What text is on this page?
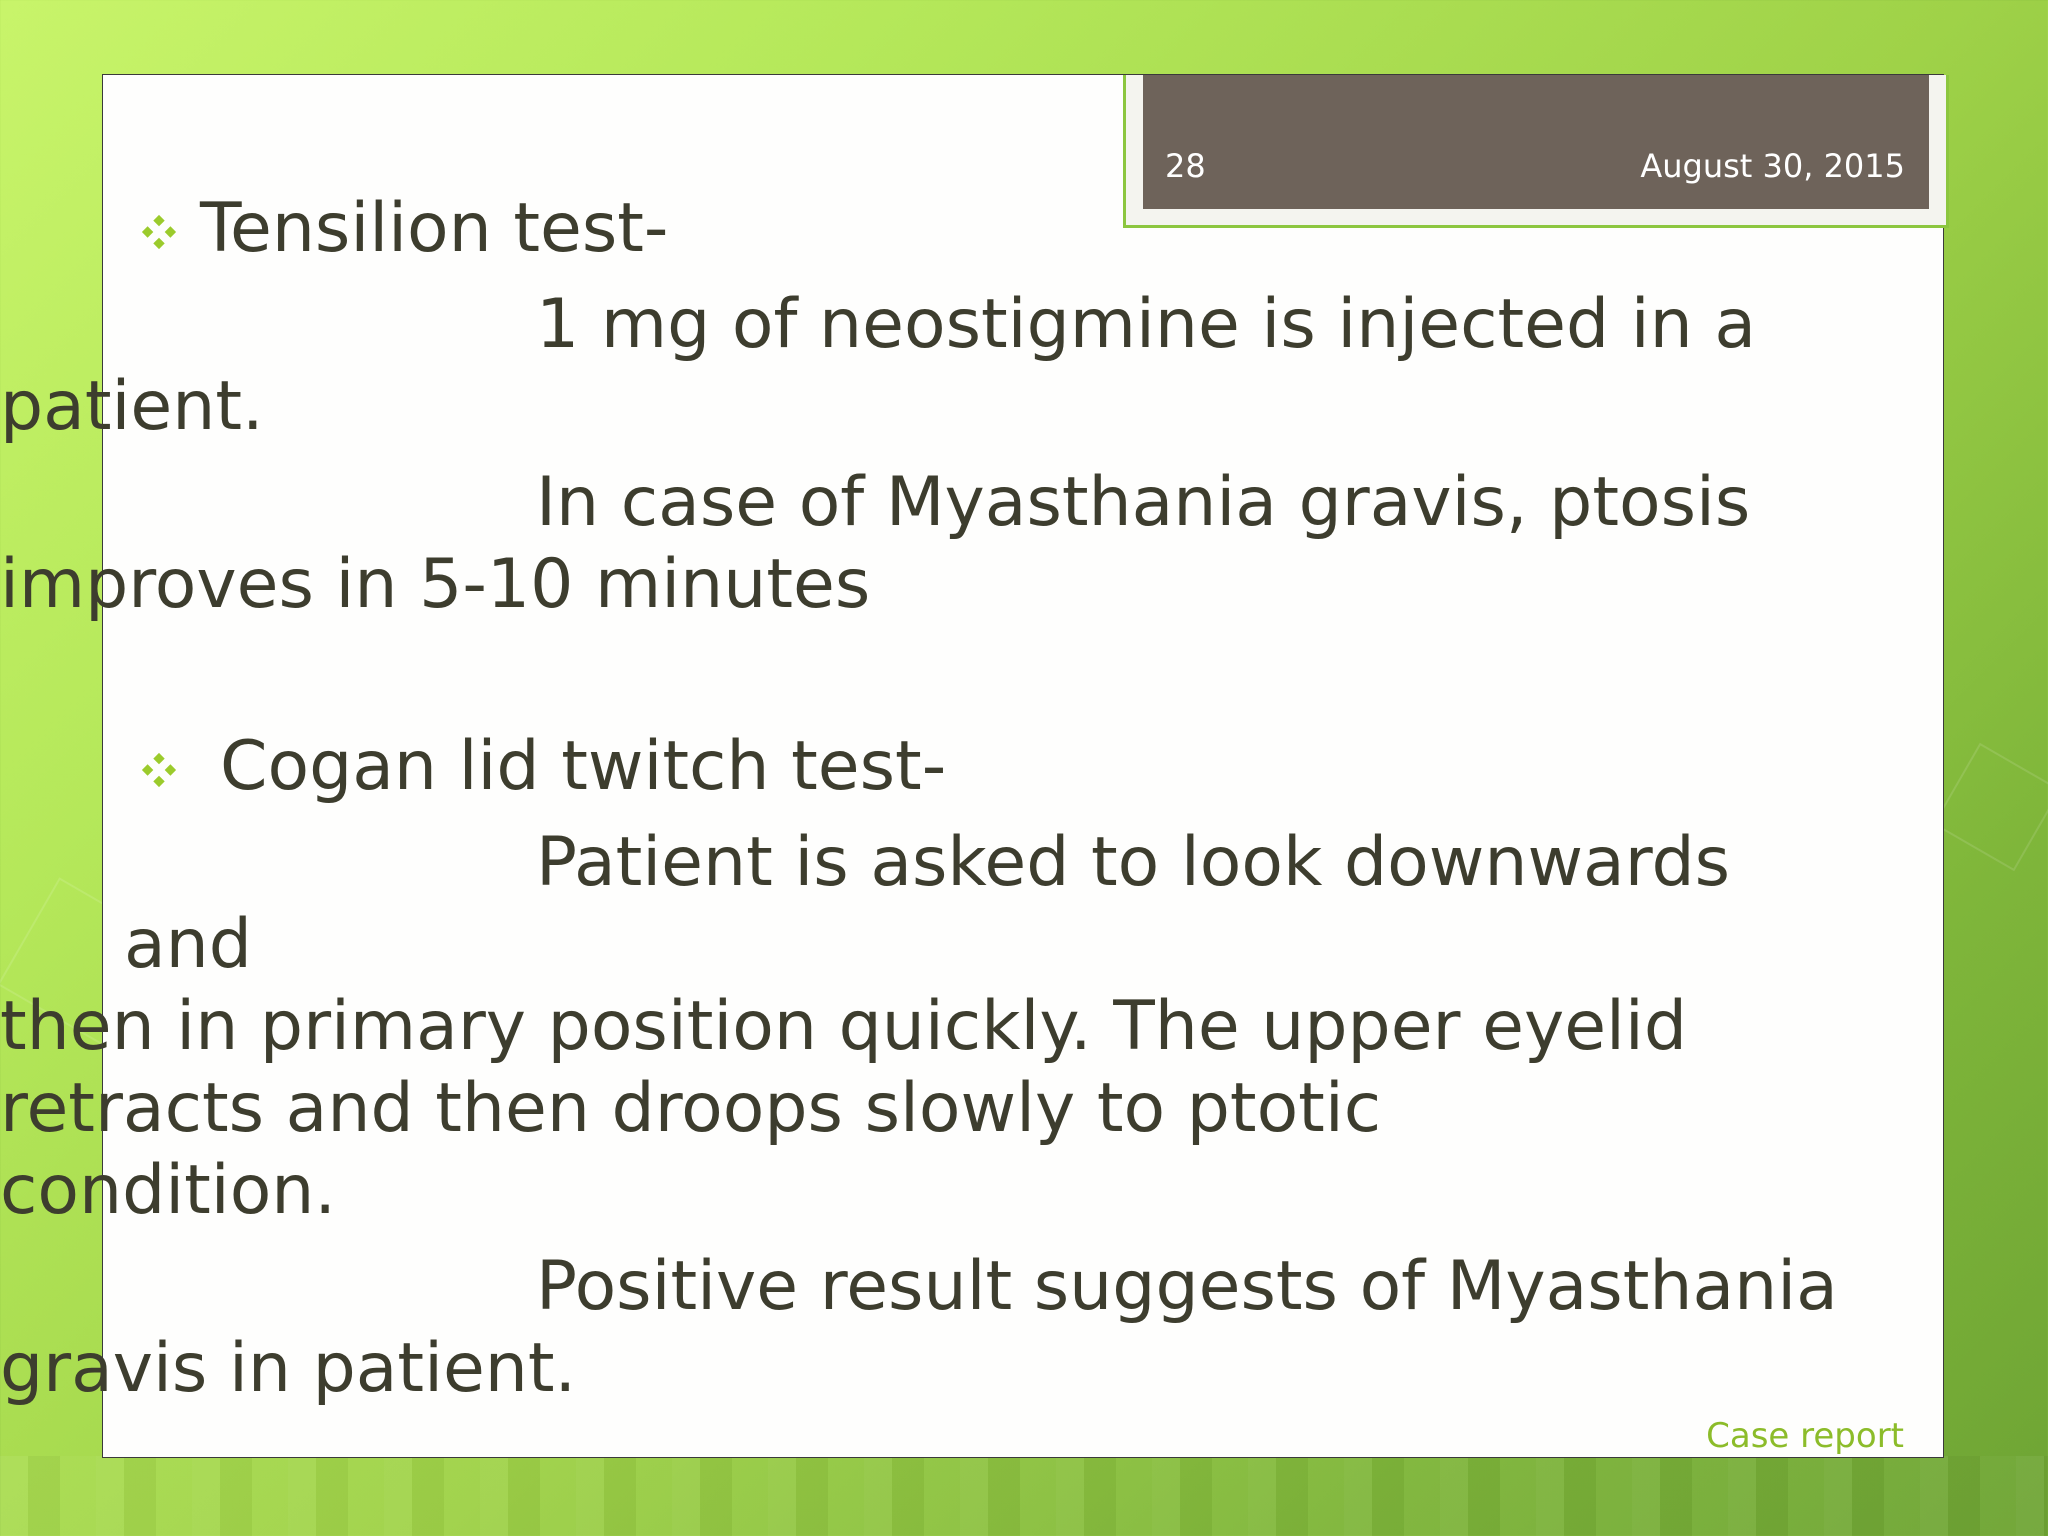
28	August 30, 2015
Tensilion test-

1 mg of neostigmine is injected in a
patient.

In case of Myasthania gravis, ptosis
improves in 5-10 minutes

Cogan lid twitch test-

Patient is asked to look downwards and
then in primary position quickly. The upper eyelid retracts and then droops slowly to ptotic condition.

Positive result suggests of Myasthania
gravis in patient.

Case report
